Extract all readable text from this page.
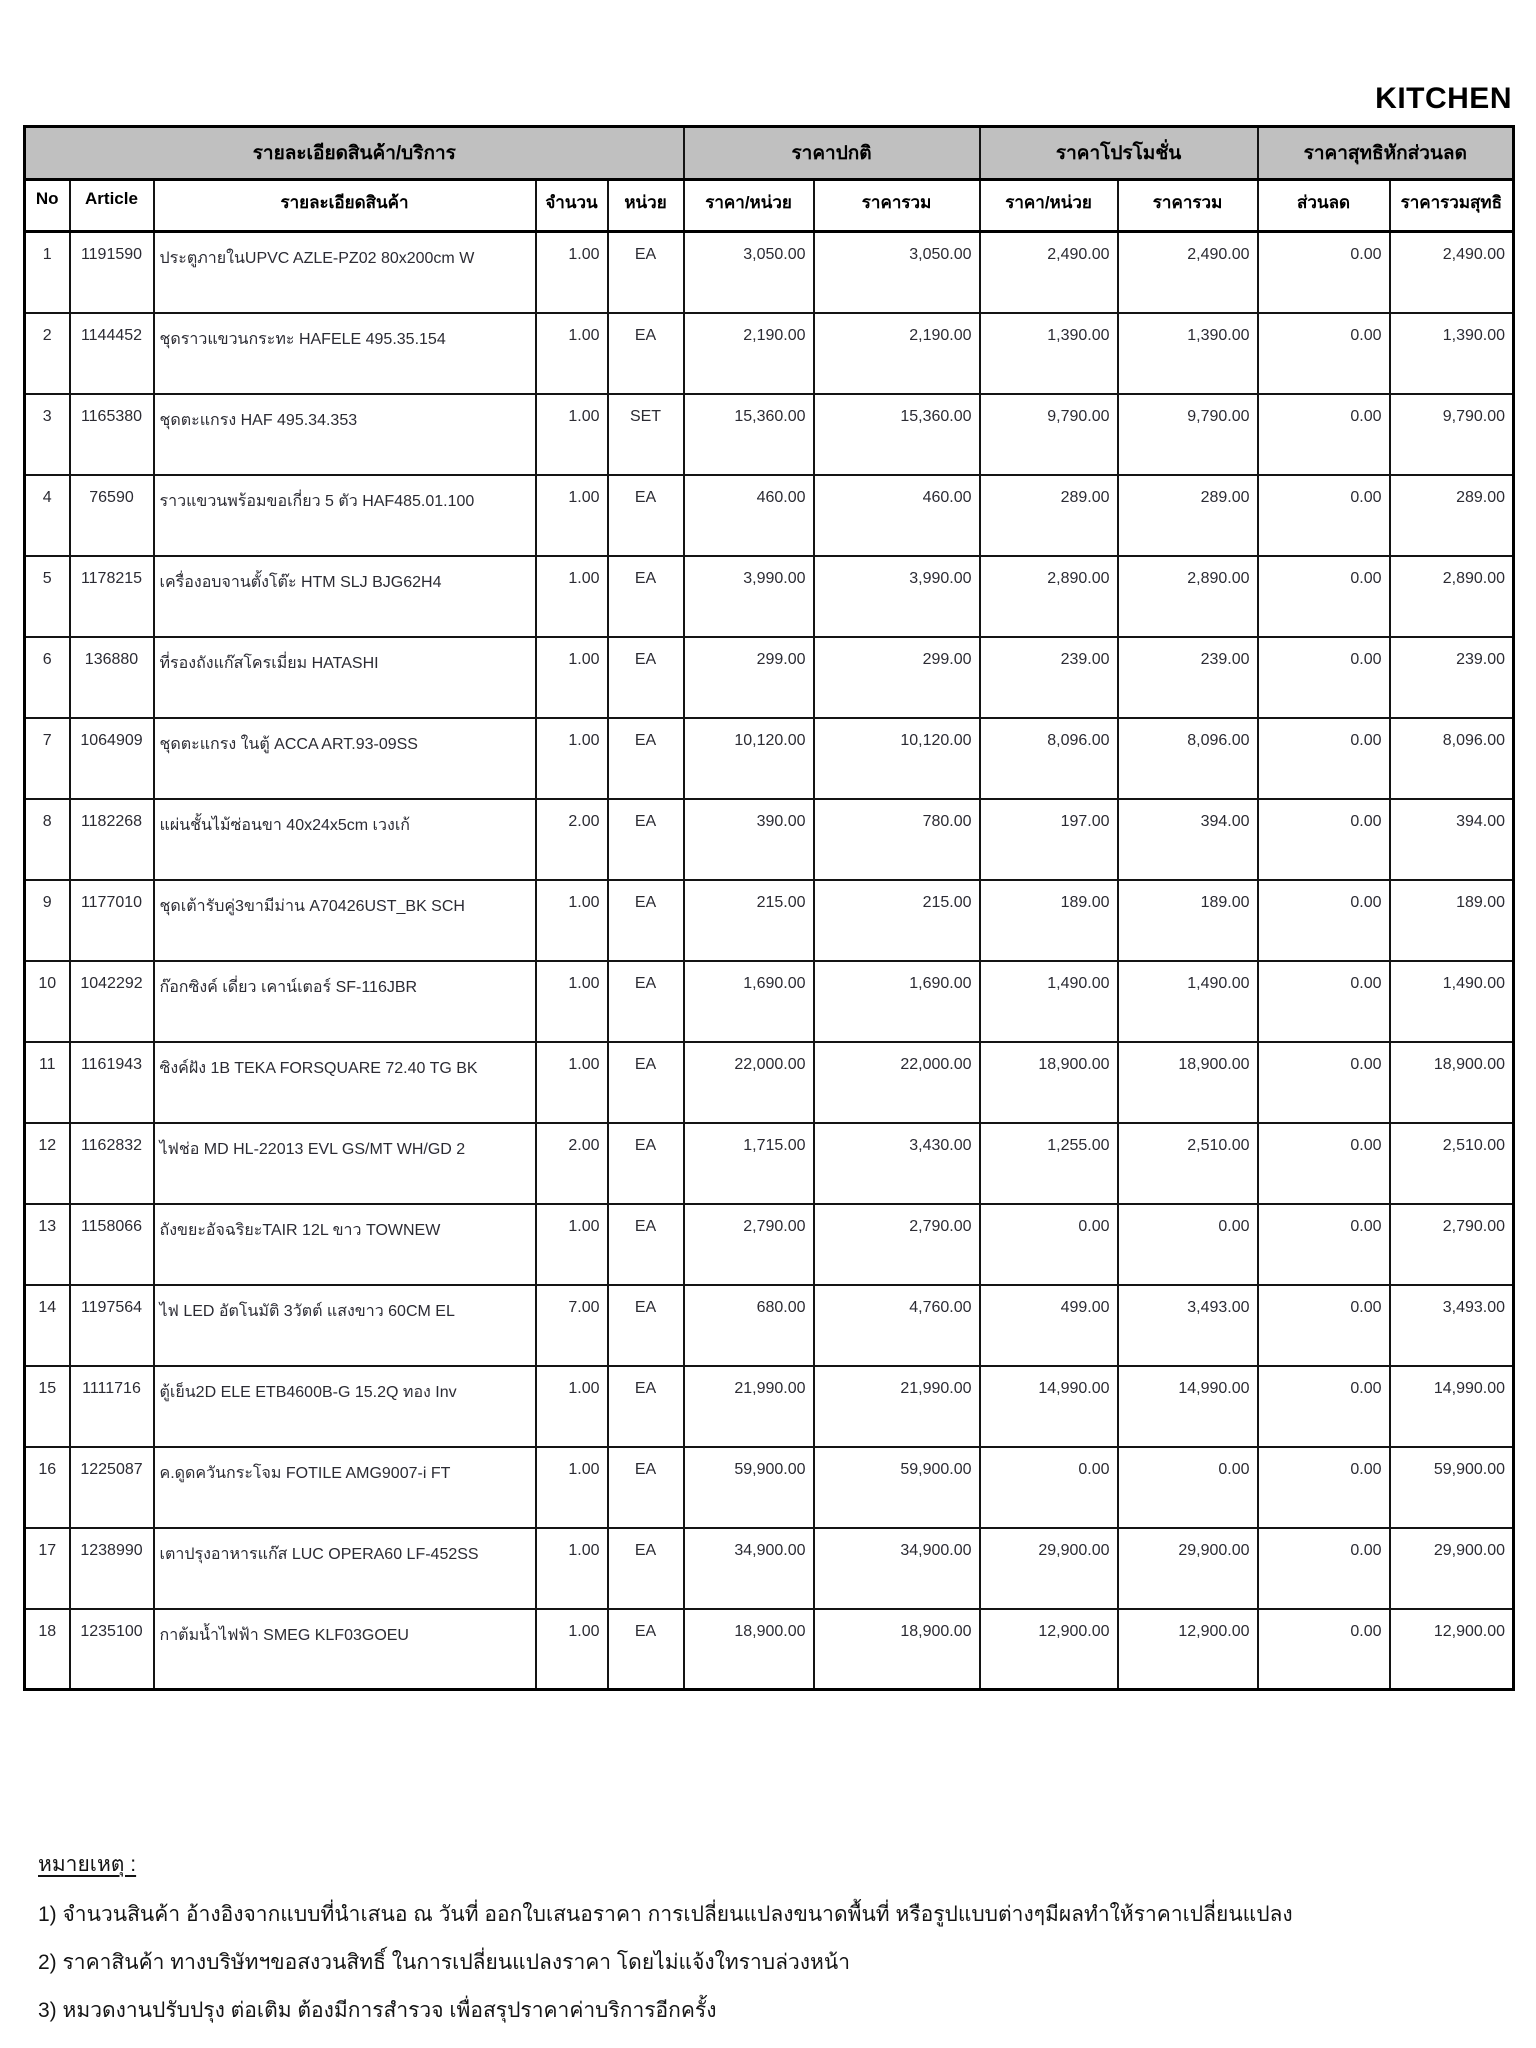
KITCHEN
รายละเอียดสินค้า/บริการ					ราคาปกติ		ราคาโปรโมชั่น		ราคาสุทธิหักส่วนลด	
No	Article	รายละเอียดสินค้า	จำนวน	หน่วย	ราคา/หน่วย	ราคารวม	ราคา/หน่วย	ราคารวม	ส่วนลด	ราคารวมสุทธิ
1	1191590	ประตูภายในUPVC AZLE-PZ02 80x200cm W	1.00	EA	3,050.00	3,050.00	2,490.00	2,490.00	0.00	2,490.00
2	1144452	ชุดราวแขวนกระทะ HAFELE 495.35.154	1.00	EA	2,190.00	2,190.00	1,390.00	1,390.00	0.00	1,390.00
3	1165380	ชุดตะแกรง HAF 495.34.353	1.00	SET	15,360.00	15,360.00	9,790.00	9,790.00	0.00	9,790.00
4	76590	ราวแขวนพร้อมขอเกี่ยว 5 ตัว HAF485.01.100	1.00	EA	460.00	460.00	289.00	289.00	0.00	289.00
5	1178215	เครื่องอบจานตั้งโต๊ะ HTM SLJ BJG62H4	1.00	EA	3,990.00	3,990.00	2,890.00	2,890.00	0.00	2,890.00
6	136880	ที่รองถังแก๊สโครเมี่ยม HATASHI	1.00	EA	299.00	299.00	239.00	239.00	0.00	239.00
7	1064909	ชุดตะแกรง ในตู้ ACCA ART.93-09SS	1.00	EA	10,120.00	10,120.00	8,096.00	8,096.00	0.00	8,096.00
8	1182268	แผ่นชั้นไม้ซ่อนขา 40x24x5cm เวงเก้	2.00	EA	390.00	780.00	197.00	394.00	0.00	394.00
9	1177010	ชุดเต้ารับคู่3ขามีม่าน A70426UST_BK SCH	1.00	EA	215.00	215.00	189.00	189.00	0.00	189.00
10	1042292	ก๊อกซิงค์ เดี่ยว เคาน์เตอร์ SF-116JBR	1.00	EA	1,690.00	1,690.00	1,490.00	1,490.00	0.00	1,490.00
11	1161943	ซิงค์ฝัง 1B TEKA FORSQUARE 72.40 TG BK	1.00	EA	22,000.00	22,000.00	18,900.00	18,900.00	0.00	18,900.00
12	1162832	ไฟช่อ MD HL-22013 EVL GS/MT WH/GD 2	2.00	EA	1,715.00	3,430.00	1,255.00	2,510.00	0.00	2,510.00
13	1158066	ถังขยะอัจฉริยะTAIR 12L ขาว TOWNEW	1.00	EA	2,790.00	2,790.00	0.00	0.00	0.00	2,790.00
14	1197564	ไฟ LED อัตโนมัติ 3วัตต์ แสงขาว 60CM EL	7.00	EA	680.00	4,760.00	499.00	3,493.00	0.00	3,493.00
15	1111716	ตู้เย็น2D ELE ETB4600B-G 15.2Q ทอง Inv	1.00	EA	21,990.00	21,990.00	14,990.00	14,990.00	0.00	14,990.00
16	1225087	ค.ดูดควันกระโจม FOTILE AMG9007-i FT	1.00	EA	59,900.00	59,900.00	0.00	0.00	0.00	59,900.00
17	1238990	เตาปรุงอาหารแก๊ส LUC OPERA60 LF-452SS	1.00	EA	34,900.00	34,900.00	29,900.00	29,900.00	0.00	29,900.00
18	1235100	กาต้มน้ำไฟฟ้า SMEG KLF03GOEU	1.00	EA	18,900.00	18,900.00	12,900.00	12,900.00	0.00	12,900.00
หมายเหตุ :
1) จำนวนสินค้า อ้างอิงจากแบบที่นำเสนอ ณ วันที่ ออกใบเสนอราคา การเปลี่ยนแปลงขนาดพื้นที่ หรือรูปแบบต่างๆมีผลทำให้ราคาเปลี่ยนแปลง
2) ราคาสินค้า ทางบริษัทฯขอสงวนสิทธิ์ ในการเปลี่ยนแปลงราคา โดยไม่แจ้งใทราบล่วงหน้า
3) หมวดงานปรับปรุง ต่อเติม ต้องมีการสำรวจ เพื่อสรุปราคาค่าบริการอีกครั้ง
